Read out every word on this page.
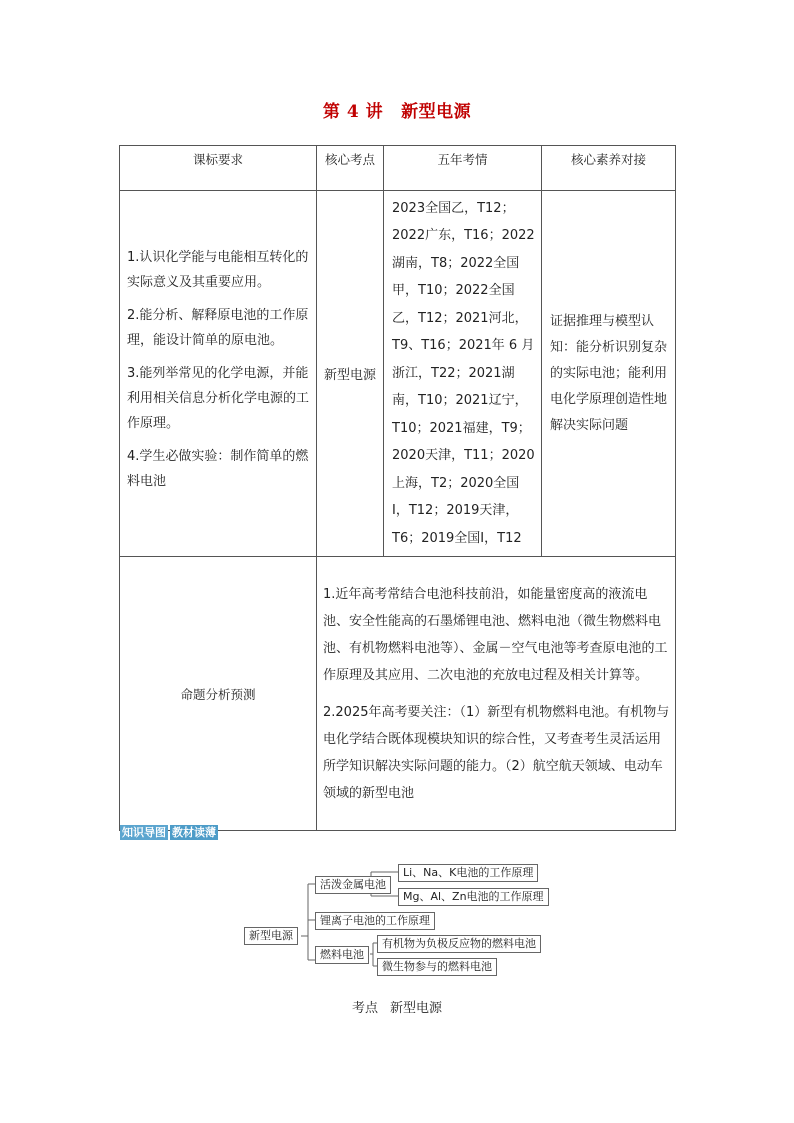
第 4 讲 新型电源
课标要求	核心考点	五年考情	核心素养对接

1.认识化学能与电能相互转化的实际意义及其重要应用。

2.能分析、解释原电池的工作原理，能设计简单的原电池。

3.能列举常见的化学电源，并能利用相关信息分析化学电源的工作原理。

4.学生必做实验：制作简单的燃料电池	新型电源	2023全国乙，T12；2022广东，T16；2022湖南，T8；2022全国甲，T10；2022全国乙，T12；2021河北，T9、T16；2021年 6 月浙江，T22；2021湖南，T10；2021辽宁，T10；2021福建，T9；2020天津，T11；2020上海，T2；2020全国Ⅰ，T12；2019天津，T6；2019全国Ⅰ，T12	证据推理与模型认知：能分析识别复杂的实际电池；能利用电化学原理创造性地解决实际问题
命题分析预测	1.近年高考常结合电池科技前沿，如能量密度高的液流电池、安全性能高的石墨烯锂电池、燃料电池（微生物燃料电池、有机物燃料电池等）、金属－空气电池等考查原电池的工作原理及其应用、二次电池的充放电过程及相关计算等。

2.2025年高考要关注：（1）新型有机物燃料电池。有机物与电化学结合既体现模块知识的综合性，又考查考生灵活运用所学知识解决实际问题的能力。（2）航空航天领域、电动车领域的新型电池		

知识导图 教材读薄
新型电源
活泼金属电池
Li、Na、K电池的工作原理
Mg、Al、Zn电池的工作原理
锂离子电池的工作原理
燃料电池
有机物为负极反应物的燃料电池
微生物参与的燃料电池
考点 新型电源
